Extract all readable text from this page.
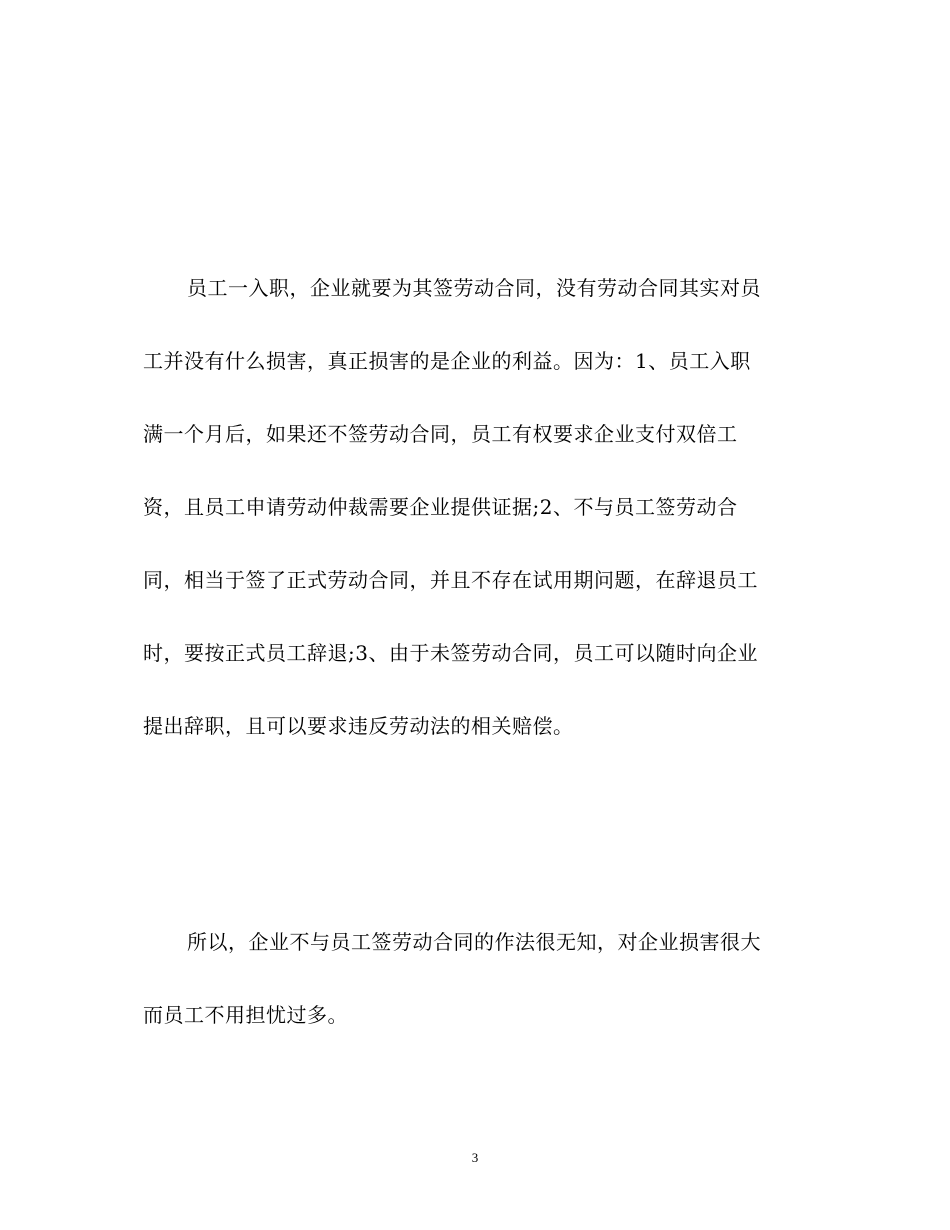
员工一入职，企业就要为其签劳动合同，没有劳动合同其实对员
工并没有什么损害，真正损害的是企业的利益。因为：1、员工入职
满一个月后，如果还不签劳动合同，员工有权要求企业支付双倍工
资，且员工申请劳动仲裁需要企业提供证据;2、不与员工签劳动合
同，相当于签了正式劳动合同，并且不存在试用期问题，在辞退员工
时，要按正式员工辞退;3、由于未签劳动合同，员工可以随时向企业
提出辞职，且可以要求违反劳动法的相关赔偿。
所以，企业不与员工签劳动合同的作法很无知，对企业损害很大
而员工不用担忧过多。
3
